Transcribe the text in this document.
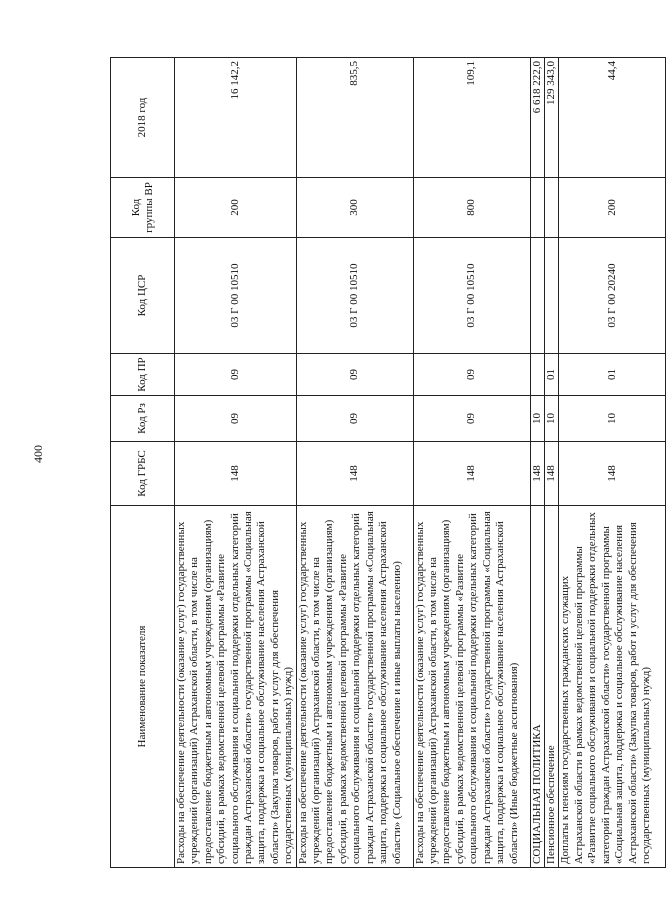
400
Наименование показателя	Код ГРБС	Код Рз	Код ПР	Код ЦСР	Код группы ВР	2018 год
Расходы на обеспечение деятельности (оказание услуг) государственных учреждений (организаций) Астраханской области, в том числе на предоставление бюджетным и автономным учреждениям (организациям) субсидий, в рамках ведомственной целевой программы «Развитие социального обслуживания и социальной поддержки отдельных категорий граждан Астраханской области» государственной программы «Социальная защита, поддержка и социальное обслуживание населения Астраханской области» (Закупка товаров, работ и услуг для обеспечения государственных (муниципальных) нужд)	148	09	09	03 Г 00 10510	200	16 142,2
Расходы на обеспечение деятельности (оказание услуг) государственных учреждений (организаций) Астраханской области, в том числе на предоставление бюджетным и автономным учреждениям (организациям) субсидий, в рамках ведомственной целевой программы «Развитие социального обслуживания и социальной поддержки отдельных категорий граждан Астраханской области» государственной программы «Социальная защита, поддержка и социальное обслуживание населения Астраханской области» (Социальное обеспечение и иные выплаты населению)	148	09	09	03 Г 00 10510	300	835,5
Расходы на обеспечение деятельности (оказание услуг) государственных учреждений (организаций) Астраханской области, в том числе на предоставление бюджетным и автономным учреждениям (организациям) субсидий, в рамках ведомственной целевой программы «Развитие социального обслуживания и социальной поддержки отдельных категорий граждан Астраханской области» государственной программы «Социальная защита, поддержка и социальное обслуживание населения Астраханской области» (Иные бюджетные ассигнования)	148	09	09	03 Г 00 10510	800	109,1
СОЦИАЛЬНАЯ ПОЛИТИКА	148	10				6 618 222,0
Пенсионное обеспечение	148	10	01			129 343,0
Доплаты к пенсиям государственных гражданских служащих Астраханской области в рамках ведомственной целевой программы «Развитие социального обслуживания и социальной поддержки отдельных категорий граждан Астраханской области» государственной программы «Социальная защита, поддержка и социальное обслуживание населения Астраханской области» (Закупка товаров, работ и услуг для обеспечения государственных (муниципальных) нужд)	148	10	01	03 Г 00 20240	200	44,4
